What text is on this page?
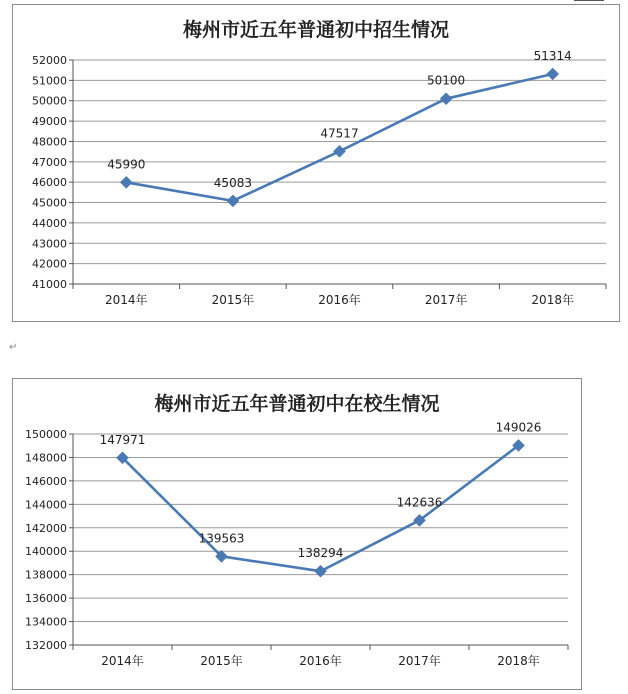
梅州市近五年普通初中招生情况
41000
42000
43000
44000
45000
46000
47000
48000
49000
50000
51000
52000
2014年	2015年	2016年	2017年	2018年
45990
45083
47517
50100
51314
↵
梅州市近五年普通初中在校生情况
132000
134000
136000
138000
140000
142000
144000
146000
148000
150000
2014年	2015年	2016年	2017年	2018年
147971
139563
138294
142636
149026
